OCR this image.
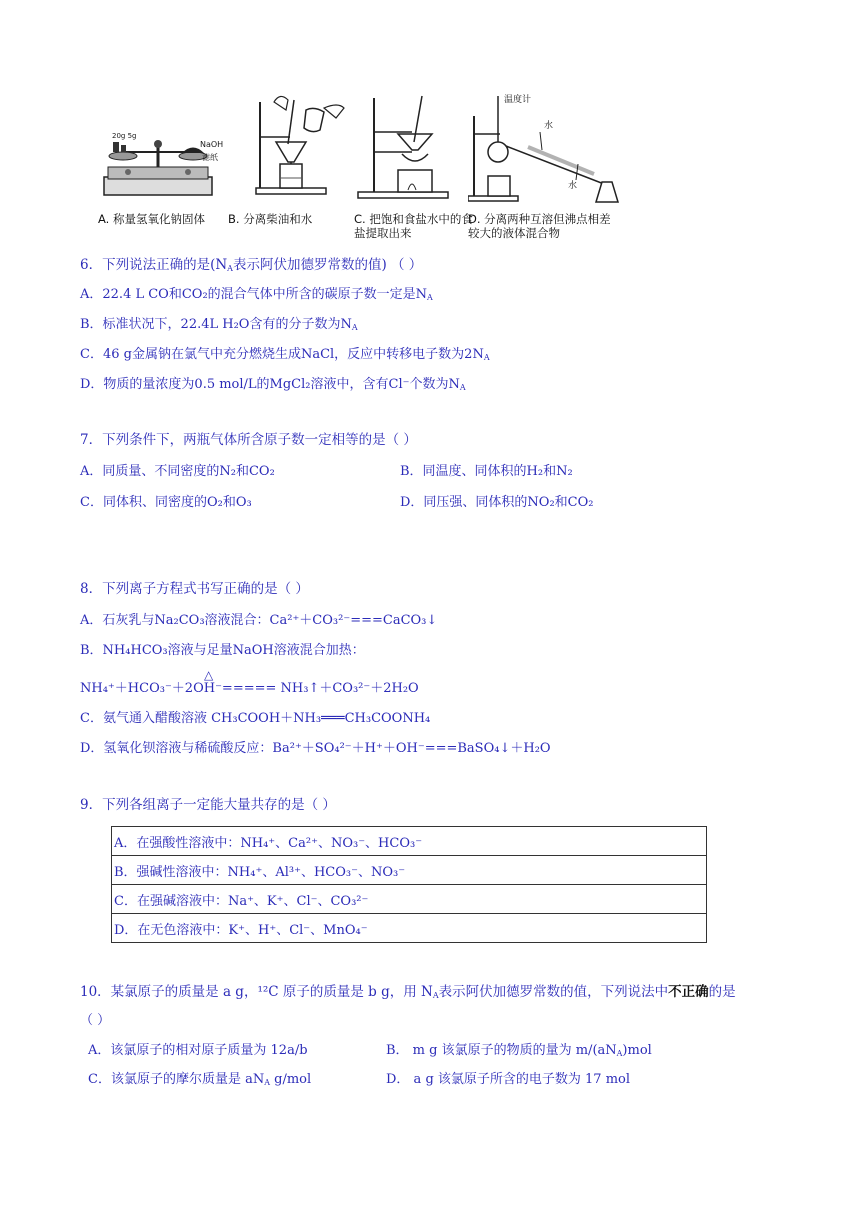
20g 5g
NaOH
滤纸
A. 称量氢氧化钠固体	B. 分离柴油和水	C. 把饱和食盐水中的食盐提取出来
温度计
水
水
D. 分离两种互溶但沸点相差较大的液体混合物
6．下列说法正确的是($N_A$表示阿伏加德罗常数的值) （ ）
A．22.4 L CO和CO₂的混合气体中所含的碳原子数一定是$N_A$
B．标准状况下，22.4L H₂O含有的分子数为$N_A$
C．46 g金属钠在氯气中充分燃烧生成NaCl，反应中转移电子数为$2N_A$
D．物质的量浓度为0.5 mol/L的MgCl₂溶液中，含有Cl⁻个数为$N_A$
7．下列条件下，两瓶气体所含原子数一定相等的是（ ）
A．同质量、不同密度的N₂和CO₂	B．同温度、同体积的H₂和N₂
C．同体积、同密度的O₂和O₃	D．同压强、同体积的NO₂和CO₂
8．下列离子方程式书写正确的是（ ）
A．石灰乳与Na₂CO₃溶液混合：Ca²⁺＋CO₃²⁻===CaCO₃↓
B．NH₄HCO₃溶液与足量NaOH溶液混合加热：
△
NH₄⁺＋HCO₃⁻＋2OH⁻===== NH₃↑＋CO₃²⁻＋2H₂O
C．氨气通入醋酸溶液 CH₃COOH＋NH₃═══CH₃COONH₄
D．氢氧化钡溶液与稀硫酸反应：Ba²⁺＋SO₄²⁻＋H⁺＋OH⁻===BaSO₄↓＋H₂O
9．下列各组离子一定能大量共存的是（ ）
A．在强酸性溶液中：NH₄⁺、Ca²⁺、NO₃⁻、HCO₃⁻
B．强碱性溶液中：NH₄⁺、Al³⁺、HCO₃⁻、NO₃⁻
C．在强碱溶液中：Na⁺、K⁺、Cl⁻、CO₃²⁻
D．在无色溶液中：K⁺、H⁺、Cl⁻、MnO₄⁻
10．某氯原子的质量是 a g，¹²C 原子的质量是 b g，用 $N_A$表示阿伏加德罗常数的值，下列说法中不正确的是
（ ）
A．该氯原子的相对原子质量为 12a/b	B． m g 该氯原子的物质的量为 $m/(aN_A)mol$
C．该氯原子的摩尔质量是 $aN_A$ g/mol	D． a g 该氯原子所含的电子数为 17 mol
